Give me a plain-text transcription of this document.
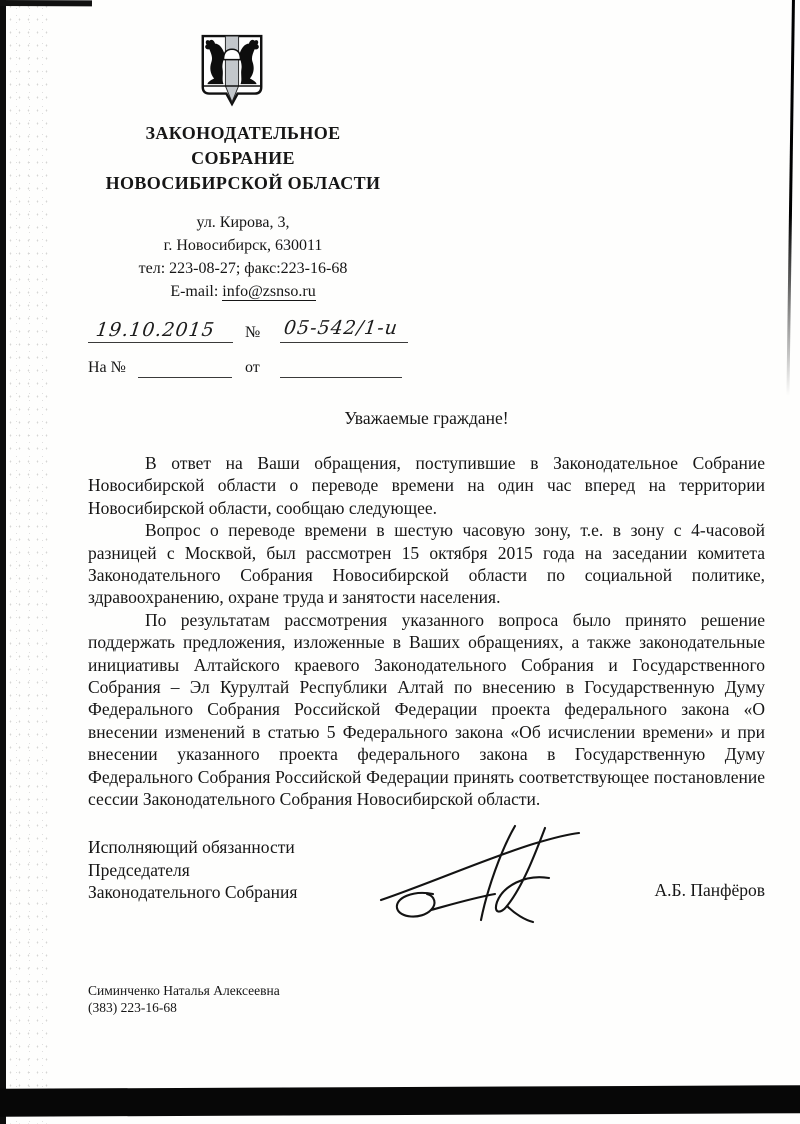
ЗАКОНОДАТЕЛЬНОЕ
СОБРАНИЕ
НОВОСИБИРСКОЙ ОБЛАСТИ
ул. Кирова, 3,
г. Новосибирск, 630011
тел: 223-08-27; факс:223-16-68
E-mail: info@zsnso.ru
19.10.2015 № 05-542/1-и
На №	от
Уважаемые граждане!

В ответ на Ваши обращения, поступившие в Законодательное Собрание Новосибирской области о переводе времени на один час вперед на территории Новосибирской области, сообщаю следующее.

Вопрос о переводе времени в шестую часовую зону, т.е. в зону с 4-часовой разницей с Москвой, был рассмотрен 15 октября 2015 года на заседании комитета Законодательного Собрания Новосибирской области по социальной политике, здравоохранению, охране труда и занятости населения.

По результатам рассмотрения указанного вопроса было принято решение поддержать предложения, изложенные в Ваших обращениях, а также законодательные инициативы Алтайского краевого Законодательного Собрания и Государственного Собрания – Эл Курултай Республики Алтай по внесению в Государственную Думу Федерального Собрания Российской Федерации проекта федерального закона «О внесении изменений в статью 5 Федерального закона «Об исчислении времени» и при внесении указанного проекта федерального закона в Государственную Думу Федерального Собрания Российской Федерации принять соответствующее постановление сессии Законодательного Собрания Новосибирской области.

Исполняющий обязанности
Председателя
Законодательного Собрания	А.Б. Панфёров
Симинченко Наталья Алексеевна
(383) 223-16-68
